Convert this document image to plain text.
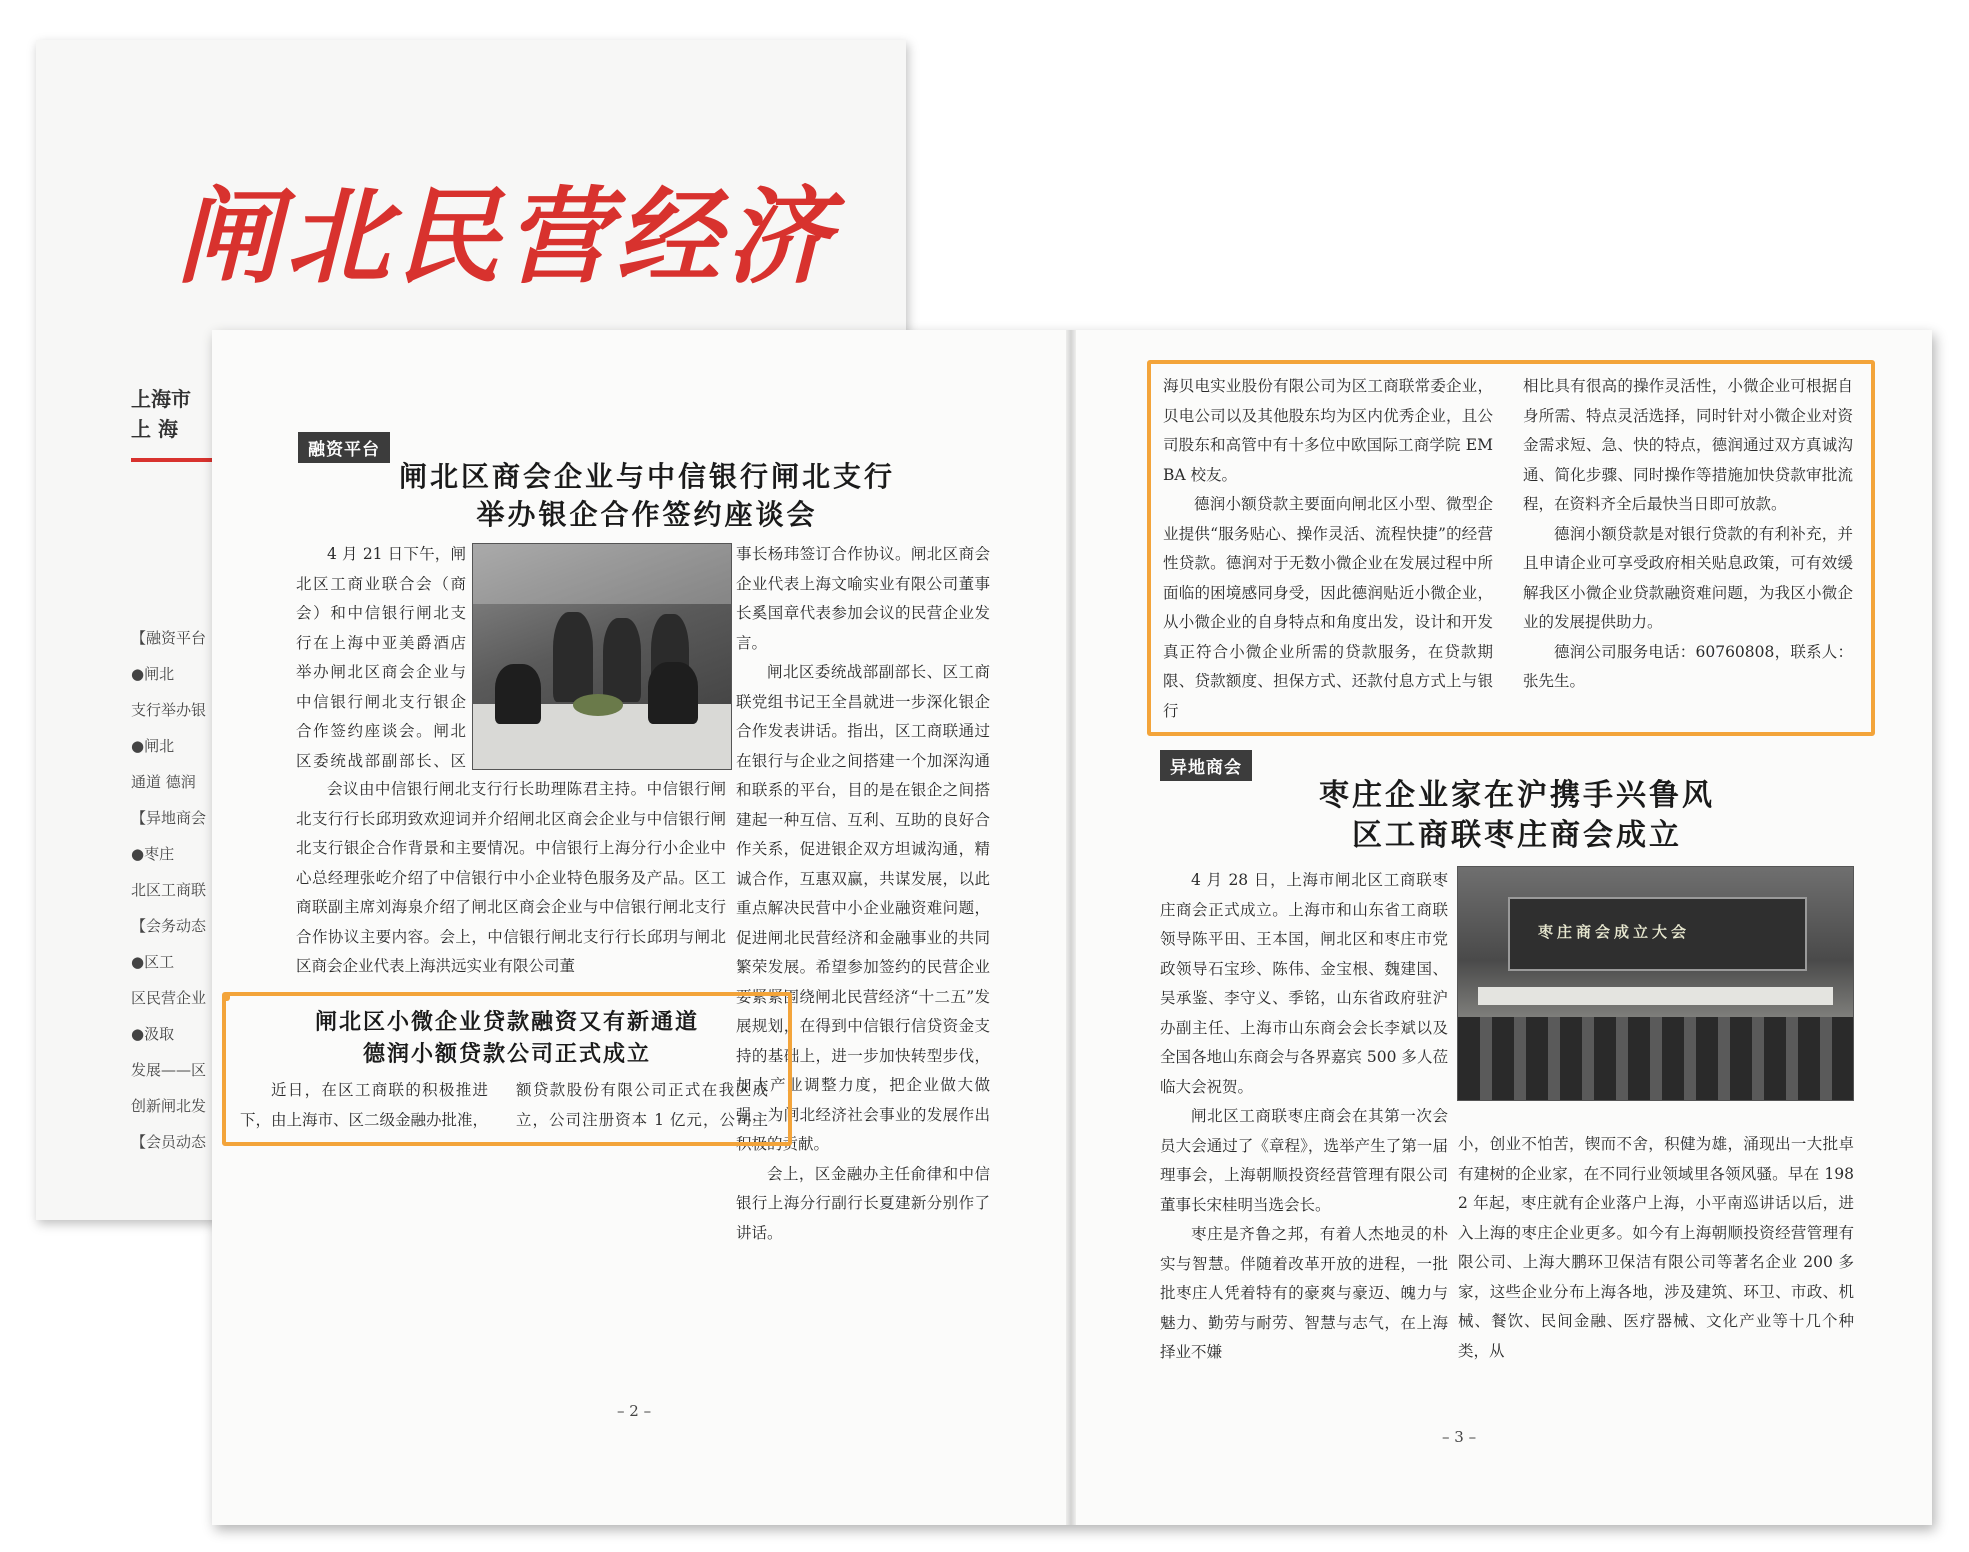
闸北民营经济
上海市
上 海
【融资平台
●闸北
支行举办银
●闸北
通道 德润
【异地商会
●枣庄
北区工商联
【会务动态
●区工
区民营企业
●汲取
发展——区
创新闸北发
【会员动态
融资平台
闸北区商会企业与中信银行闸北支行
举办银企合作签约座谈会

4 月 21 日下午，闸北区工商业联合会（商会）和中信银行闸北支行在上海中亚美爵酒店举办闸北区商会企业与中信银行闸北支行银企合作签约座谈会。闸北区委统战部副部长、区

会议由中信银行闸北支行行长助理陈君主持。中信银行闸北支行行长邱玥致欢迎词并介绍闸北区商会企业与中信银行闸北支行银企合作背景和主要情况。中信银行上海分行小企业中心总经理张屹介绍了中信银行中小企业特色服务及产品。区工商联副主席刘海泉介绍了闸北区商会企业与中信银行闸北支行合作协议主要内容。会上，中信银行闸北支行行长邱玥与闸北区商会企业代表上海洪远实业有限公司董

事长杨玮签订合作协议。闸北区商会企业代表上海文喻实业有限公司董事长奚国章代表参加会议的民营企业发言。

闸北区委统战部副部长、区工商联党组书记王全昌就进一步深化银企合作发表讲话。指出，区工商联通过在银行与企业之间搭建一个加深沟通和联系的平台，目的是在银企之间搭建起一种互信、互利、互助的良好合作关系，促进银企双方坦诚沟通，精诚合作，互惠双赢，共谋发展，以此重点解决民营中小企业融资难问题，促进闸北民营经济和金融事业的共同繁荣发展。希望参加签约的民营企业要紧紧围绕闸北民营经济“十二五”发展规划，在得到中信银行信贷资金支持的基础上，进一步加快转型步伐，加大产业调整力度，把企业做大做强，为闸北经济社会事业的发展作出积极的贡献。

会上，区金融办主任俞律和中信银行上海分行副行长夏建新分别作了讲话。

闸北区小微企业贷款融资又有新通道
德润小额贷款公司正式成立

近日，在区工商联的积极推进下，由上海市、区二级金融办批准，

额贷款股份有限公司正式在我区成立，公司注册资本 1 亿元，公司主

– 2 –

海贝电实业股份有限公司为区工商联常委企业，贝电公司以及其他股东均为区内优秀企业，且公司股东和高管中有十多位中欧国际工商学院 EMBA 校友。

德润小额贷款主要面向闸北区小型、微型企业提供“服务贴心、操作灵活、流程快捷”的经营性贷款。德润对于无数小微企业在发展过程中所面临的困境感同身受，因此德润贴近小微企业，从小微企业的自身特点和角度出发，设计和开发真正符合小微企业所需的贷款服务，在贷款期限、贷款额度、担保方式、还款付息方式上与银行

相比具有很高的操作灵活性，小微企业可根据自身所需、特点灵活选择，同时针对小微企业对资金需求短、急、快的特点，德润通过双方真诚沟通、简化步骤、同时操作等措施加快贷款审批流程，在资料齐全后最快当日即可放款。

德润小额贷款是对银行贷款的有利补充，并且申请企业可享受政府相关贴息政策，可有效缓解我区小微企业贷款融资难问题，为我区小微企业的发展提供助力。

德润公司服务电话：60760808，联系人：张先生。

异地商会
枣庄企业家在沪携手兴鲁风
区工商联枣庄商会成立
枣庄商会成立大会

4 月 28 日，上海市闸北区工商联枣庄商会正式成立。上海市和山东省工商联领导陈平田、王本国，闸北区和枣庄市党政领导石宝珍、陈伟、金宝根、魏建国、吴承鉴、李守义、季铭，山东省政府驻沪办副主任、上海市山东商会会长李斌以及全国各地山东商会与各界嘉宾 500 多人莅临大会祝贺。

闸北区工商联枣庄商会在其第一次会员大会通过了《章程》，选举产生了第一届理事会，上海朝顺投资经营管理有限公司董事长宋桂明当选会长。

枣庄是齐鲁之邦，有着人杰地灵的朴实与智慧。伴随着改革开放的进程，一批批枣庄人凭着特有的豪爽与豪迈、魄力与魅力、勤劳与耐劳、智慧与志气，在上海择业不嫌

小，创业不怕苦，锲而不舍，积健为雄，涌现出一大批卓有建树的企业家，在不同行业领域里各领风骚。早在 1982 年起，枣庄就有企业落户上海，小平南巡讲话以后，进入上海的枣庄企业更多。如今有上海朝顺投资经营管理有限公司、上海大鹏环卫保洁有限公司等著名企业 200 多家，这些企业分布上海各地，涉及建筑、环卫、市政、机械、餐饮、民间金融、医疗器械、文化产业等十几个种类，从

– 3 –
